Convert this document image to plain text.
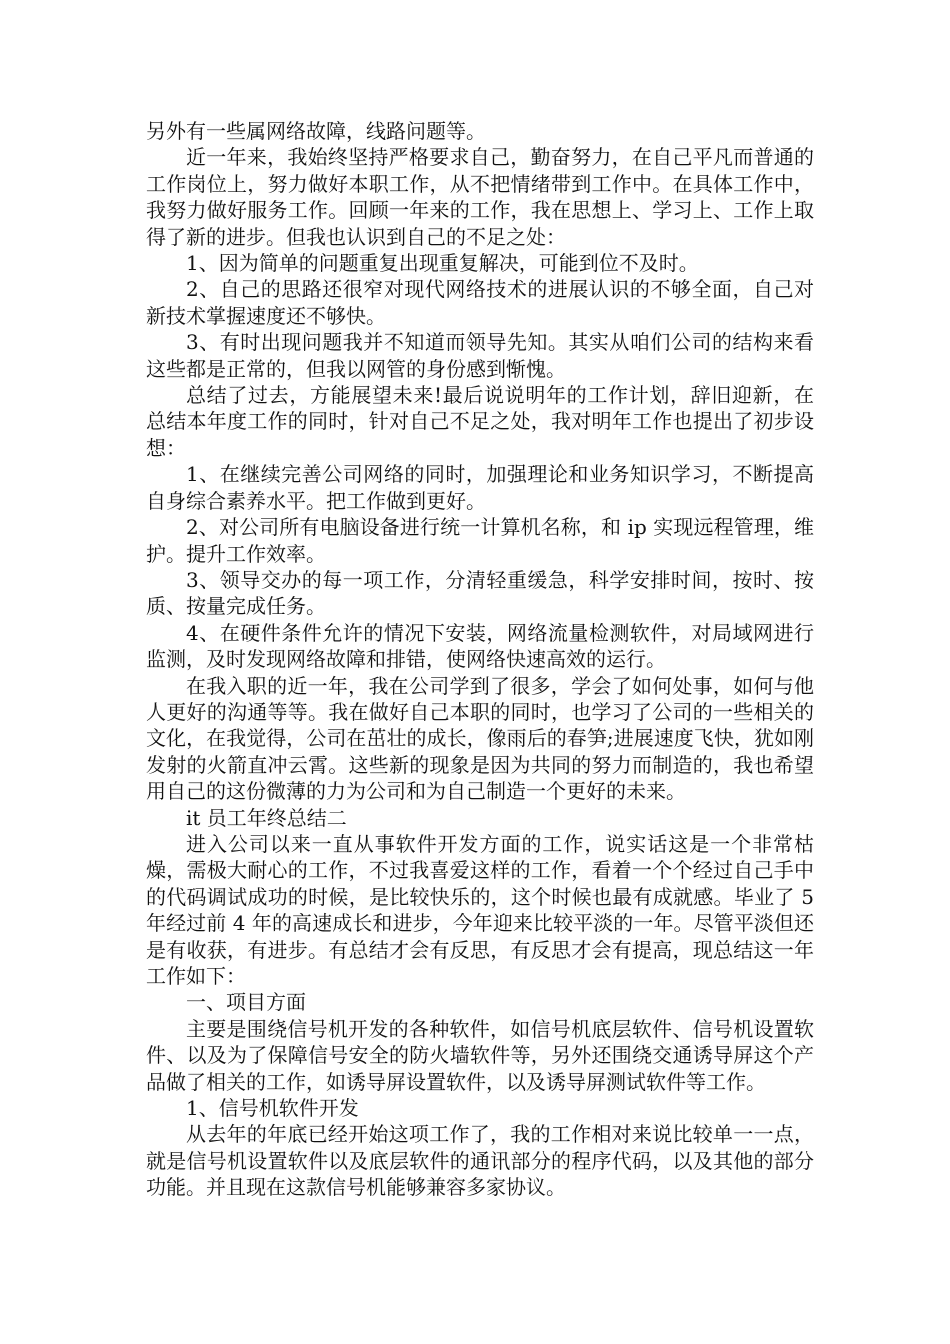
另外有一些属网络故障，线路问题等。

近一年来，我始终坚持严格要求自己，勤奋努力，在自己平凡而普通的工作岗位上，努力做好本职工作，从不把情绪带到工作中。在具体工作中，我努力做好服务工作。回顾一年来的工作，我在思想上、学习上、工作上取得了新的进步。但我也认识到自己的不足之处：

1、因为简单的问题重复出现重复解决，可能到位不及时。

2、自己的思路还很窄对现代网络技术的进展认识的不够全面，自己对新技术掌握速度还不够快。

3、有时出现问题我并不知道而领导先知。其实从咱们公司的结构来看这些都是正常的，但我以网管的身份感到惭愧。

总结了过去，方能展望未来!最后说说明年的工作计划，辞旧迎新，在总结本年度工作的同时，针对自己不足之处，我对明年工作也提出了初步设想：

1、在继续完善公司网络的同时，加强理论和业务知识学习，不断提高自身综合素养水平。把工作做到更好。

2、对公司所有电脑设备进行统一计算机名称，和 ip 实现远程管理，维护。提升工作效率。

3、领导交办的每一项工作，分清轻重缓急，科学安排时间，按时、按质、按量完成任务。

4、在硬件条件允许的情况下安装，网络流量检测软件，对局域网进行监测，及时发现网络故障和排错，使网络快速高效的运行。

在我入职的近一年，我在公司学到了很多，学会了如何处事，如何与他人更好的沟通等等。我在做好自己本职的同时，也学习了公司的一些相关的文化，在我觉得，公司在茁壮的成长，像雨后的春笋;进展速度飞快，犹如刚发射的火箭直冲云霄。这些新的现象是因为共同的努力而制造的，我也希望用自己的这份微薄的力为公司和为自己制造一个更好的未来。

it 员工年终总结二

进入公司以来一直从事软件开发方面的工作，说实话这是一个非常枯燥，需极大耐心的工作，不过我喜爱这样的工作，看着一个个经过自己手中的代码调试成功的时候，是比较快乐的，这个时候也最有成就感。毕业了 5 年经过前 4 年的高速成长和进步，今年迎来比较平淡的一年。尽管平淡但还是有收获，有进步。有总结才会有反思，有反思才会有提高，现总结这一年工作如下：

一、项目方面

主要是围绕信号机开发的各种软件，如信号机底层软件、信号机设置软件、以及为了保障信号安全的防火墙软件等，另外还围绕交通诱导屏这个产品做了相关的工作，如诱导屏设置软件，以及诱导屏测试软件等工作。

1、信号机软件开发

从去年的年底已经开始这项工作了，我的工作相对来说比较单一一点，就是信号机设置软件以及底层软件的通讯部分的程序代码，以及其他的部分功能。并且现在这款信号机能够兼容多家协议。
